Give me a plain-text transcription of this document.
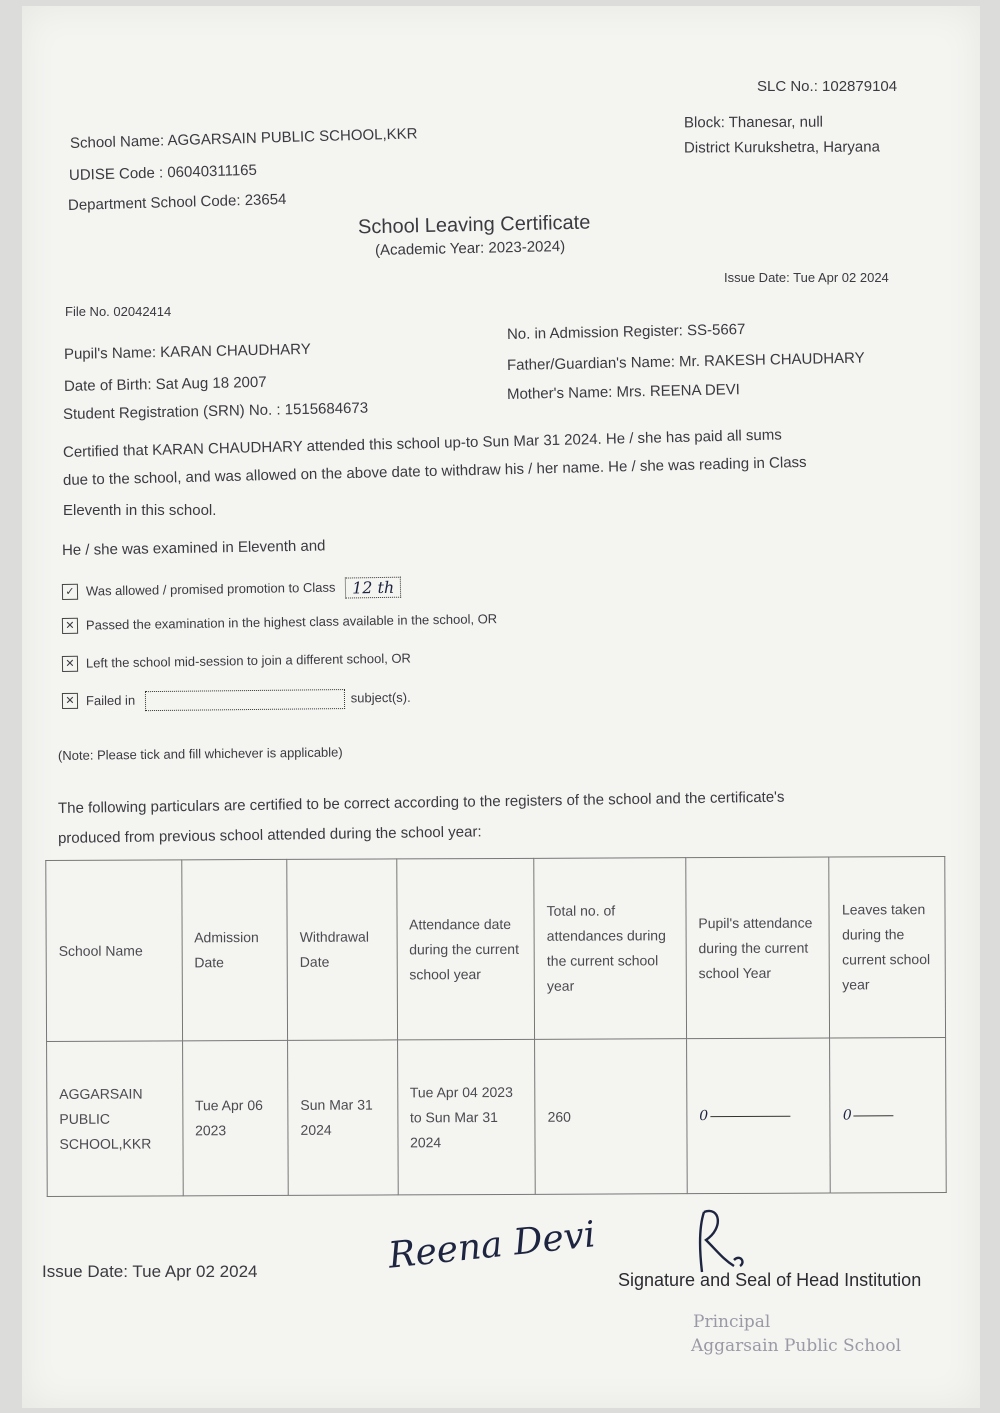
SLC No.: 102879104
Block: Thanesar, null
District Kurukshetra, Haryana
School Name: AGGARSAIN PUBLIC SCHOOL,KKR
UDISE Code : 06040311165
Department School Code: 23654
School Leaving Certificate
(Academic Year: 2023-2024)
Issue Date: Tue Apr 02 2024
File No. 02042414
Pupil's Name: KARAN CHAUDHARY
Date of Birth: Sat Aug 18 2007
Student Registration (SRN) No. : 1515684673
No. in Admission Register: SS-5667
Father/Guardian's Name: Mr. RAKESH CHAUDHARY
Mother's Name: Mrs. REENA DEVI
Certified that KARAN CHAUDHARY attended this school up-to Sun Mar 31 2024. He / she has paid all sums
due to the school, and was allowed on the above date to withdraw his / her name. He / she was reading in Class
Eleventh in this school.
He / she was examined in Eleventh and
✓ Was allowed / promised promotion to Class 12 th
✕ Passed the examination in the highest class available in the school, OR
✕ Left the school mid-session to join a different school, OR
✕ Failed in	subject(s).
(Note: Please tick and fill whichever is applicable)
The following particulars are certified to be correct according to the registers of the school and the certificate's
produced from previous school attended during the school year:
School Name	Admission Date	Withdrawal Date	Attendance date during the current school year	Total no. of attendances during the current school year	Pupil's attendance during the current school Year	Leaves taken during the current school year
AGGARSAIN PUBLIC SCHOOL,KKR	Tue Apr 06 2023	Sun Mar 31 2024	Tue Apr 04 2023 to Sun Mar 31 2024	260	0	0
Issue Date: Tue Apr 02 2024	Reena Devi
Signature and Seal of Head Institution
Principal
Aggarsain Public School
